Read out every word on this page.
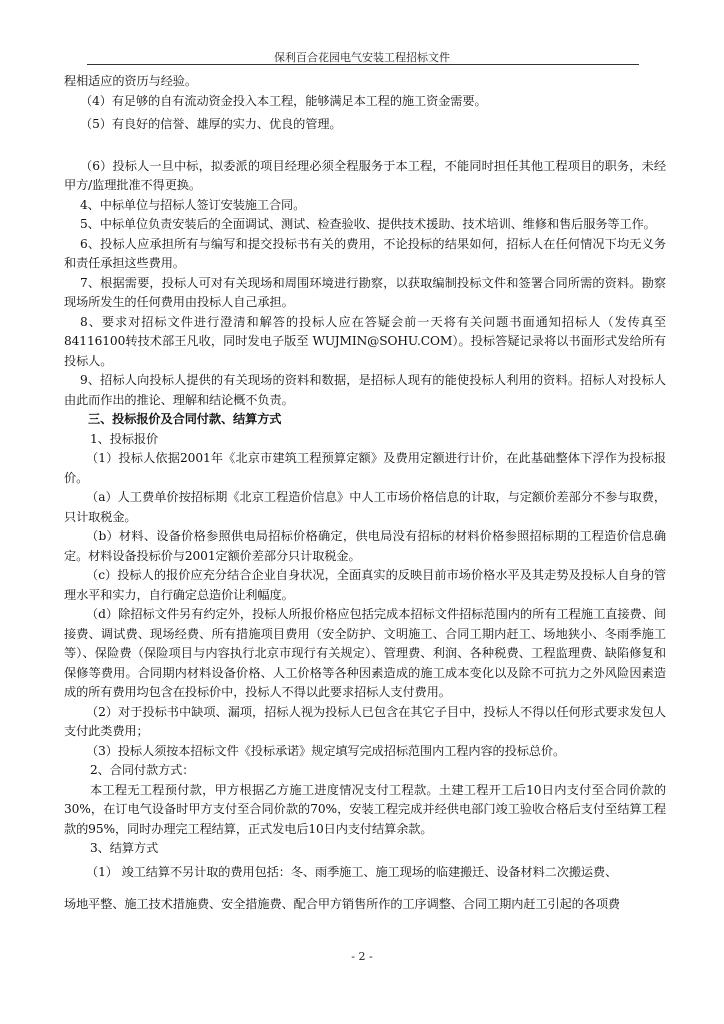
保利百合花园电气安装工程招标文件

程相适应的资历与经验。

（4）有足够的自有流动资金投入本工程，能够满足本工程的施工资金需要。

（5）有良好的信誉、雄厚的实力、优良的管理。

（6）投标人一旦中标，拟委派的项目经理必须全程服务于本工程，不能同时担任其他工程项目的职务，未经甲方/监理批准不得更换。

4、中标单位与招标人签订安装施工合同。

5、中标单位负责安装后的全面调试、测试、检查验收、提供技术援助、技术培训、维修和售后服务等工作。

6、投标人应承担所有与编写和提交投标书有关的费用，不论投标的结果如何，招标人在任何情况下均无义务和责任承担这些费用。

7、根据需要，投标人可对有关现场和周围环境进行勘察，以获取编制投标文件和签署合同所需的资料。勘察现场所发生的任何费用由投标人自己承担。

8、要求对招标文件进行澄清和解答的投标人应在答疑会前一天将有关问题书面通知招标人（发传真至84116100转技术部王凡收，同时发电子版至 WUJMIN@SOHU.COM）。投标答疑记录将以书面形式发给所有投标人。

9、招标人向投标人提供的有关现场的资料和数据，是招标人现有的能使投标人利用的资料。招标人对投标人由此而作出的推论、理解和结论概不负责。

三、投标报价及合同付款、结算方式

1、投标报价

（1）投标人依据2001年《北京市建筑工程预算定额》及费用定额进行计价，在此基础整体下浮作为投标报价。

（a）人工费单价按招标期《北京工程造价信息》中人工市场价格信息的计取，与定额价差部分不参与取费，只计取税金。

（b）材料、设备价格参照供电局招标价格确定，供电局没有招标的材料价格参照招标期的工程造价信息确定。材料设备投标价与2001定额价差部分只计取税金。

（c）投标人的报价应充分结合企业自身状况，全面真实的反映目前市场价格水平及其走势及投标人自身的管理水平和实力，自行确定总造价让利幅度。

（d）除招标文件另有约定外，投标人所报价格应包括完成本招标文件招标范围内的所有工程施工直接费、间接费、调试费、现场经费、所有措施项目费用（安全防护、文明施工、合同工期内赶工、场地狭小、冬雨季施工等）、保险费（保险项目与内容执行北京市现行有关规定）、管理费、利润、各种税费、工程监理费、缺陷修复和保修等费用。合同期内材料设备价格、人工价格等各种因素造成的施工成本变化以及除不可抗力之外风险因素造成的所有费用均包含在投标价中，投标人不得以此要求招标人支付费用。

（2）对于投标书中缺项、漏项，招标人视为投标人已包含在其它子目中，投标人不得以任何形式要求发包人支付此类费用；

（3）投标人须按本招标文件《投标承诺》规定填写完成招标范围内工程内容的投标总价。

2、合同付款方式：

本工程无工程预付款，甲方根据乙方施工进度情况支付工程款。土建工程开工后10日内支付至合同价款的30%，在订电气设备时甲方支付至合同价款的70%，安装工程完成并经供电部门竣工验收合格后支付至结算工程款的95%，同时办理完工程结算，正式发电后10日内支付结算余款。

3、结算方式

（1） 竣工结算不另计取的费用包括：冬、雨季施工、施工现场的临建搬迁、设备材料二次搬运费、

场地平整、施工技术措施费、安全措施费、配合甲方销售所作的工序调整、合同工期内赶工引起的各项费

- 2 -
